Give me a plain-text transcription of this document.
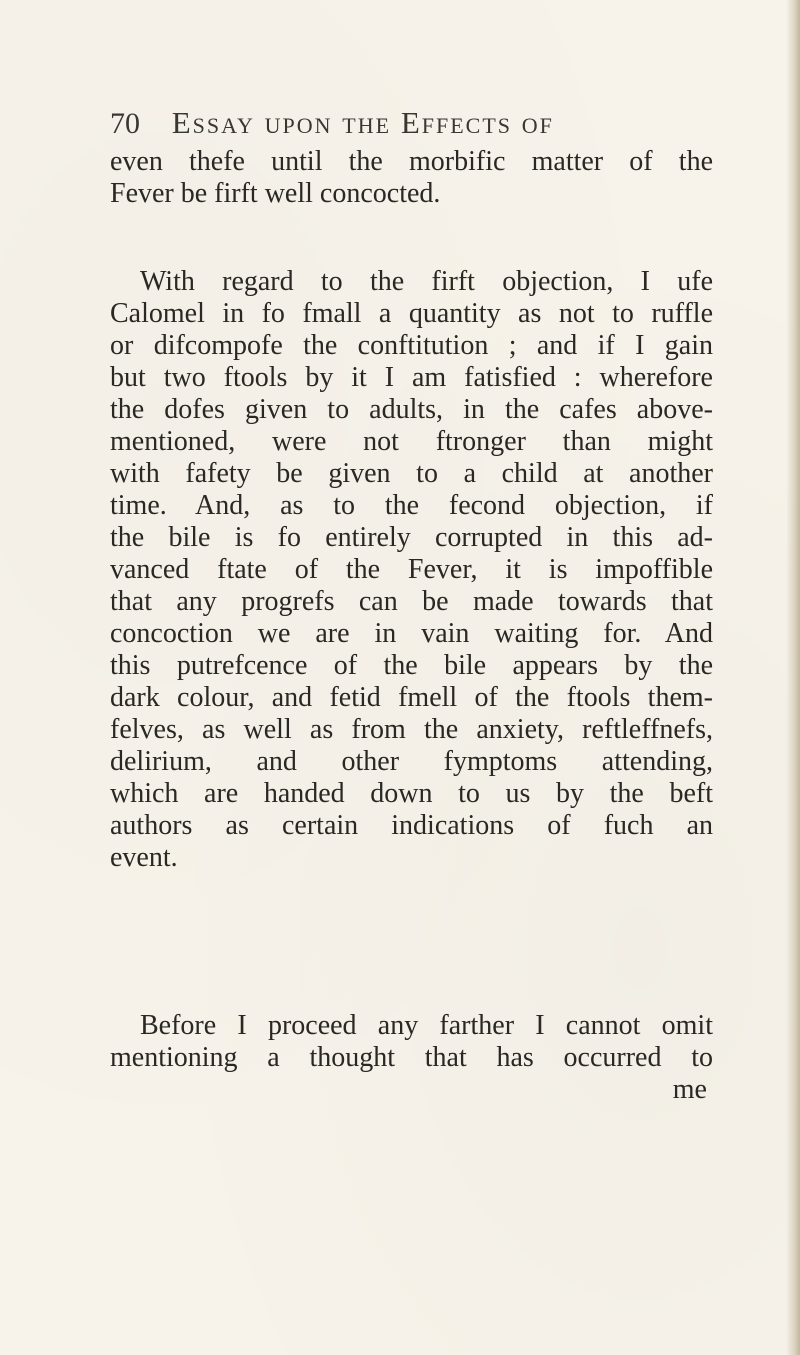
70 Essay upon the Effects of
even thefe until the morbific matter of the
Fever be firft well concocted.
With regard to the firft objection, I ufe
Calomel in fo fmall a quantity as not to ruffle
or difcompofe the conftitution ; and if I gain
but two ftools by it I am fatisfied : wherefore
the dofes given to adults, in the cafes above-
mentioned, were not ftronger than might
with fafety be given to a child at another
time. And, as to the fecond objection, if
the bile is fo entirely corrupted in this ad-
vanced ftate of the Fever, it is impoffible
that any progrefs can be made towards that
concoction we are in vain waiting for. And
this putrefcence of the bile appears by the
dark colour, and fetid fmell of the ftools them-
felves, as well as from the anxiety, reftleffnefs,
delirium, and other fymptoms attending,
which are handed down to us by the beft
authors as certain indications of fuch an
event.
Before I proceed any farther I cannot omit
mentioning a thought that has occurred to
me
